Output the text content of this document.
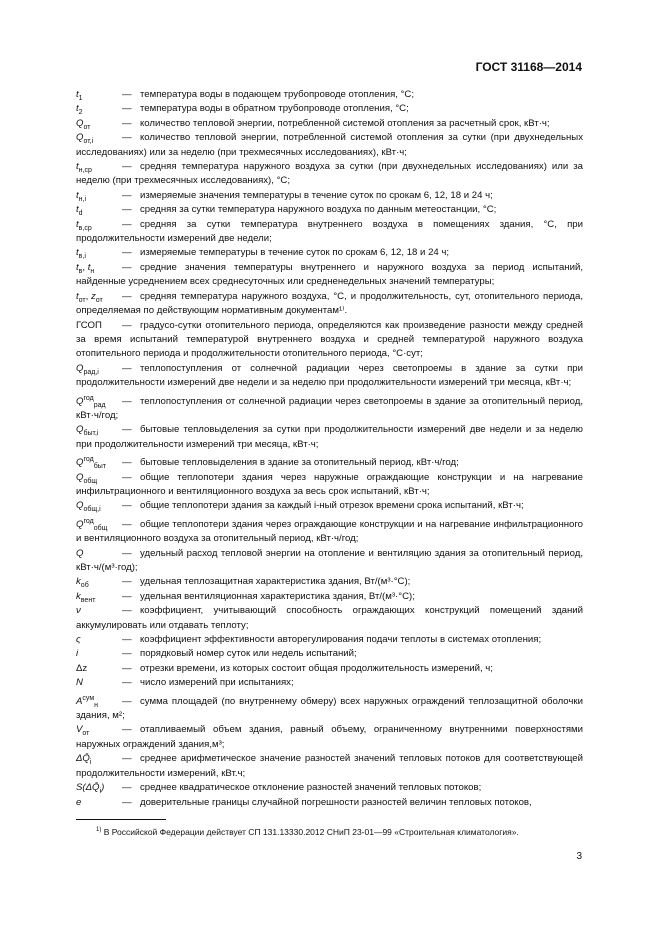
ГОСТ 31168—2014

$t_1$	— температура воды в подающем трубопроводе отопления, °С;

$t_2$	— температура воды в обратном трубопроводе отопления, °С;

$Q_{от}$	— количество тепловой энергии, потребленной системой отопления за расчетный срок, кВт·ч;

$Q_{от,i}$	— количество тепловой энергии, потребленной системой отопления за сутки (при двухнедельных исследованиях) или за неделю (при трехмесячных исследованиях), кВт·ч;

$t_{н,ср}$	— средняя температура наружного воздуха за сутки (при двухнедельных исследованиях) или за неделю (при трехмесячных исследованиях), °С;

$t_{н,i}$	— измеряемые значения температуры в течение суток по срокам 6, 12, 18 и 24 ч;

$t_d$	— средняя за сутки температура наружного воздуха по данным метеостанции, °С;

$t_{в,ср}$	— средняя за сутки температура внутреннего воздуха в помещениях здания, °С, при продолжительности измерений две недели;

$t_{в,i}$	— измеряемые температуры в течение суток по срокам 6, 12, 18 и 24 ч;

$t_в$, $t_н$	— средние значения температуры внутреннего и наружного воздуха за период испытаний, найденные усреднением всех среднесуточных или средненедельных значений температуры;

$t_{от}$, $z_{от}$ — средняя температура наружного воздуха, °С, и продолжительность, сут, отопительного периода, определяемая по действующим нормативным документам¹⁾.

ГСОП — градусо-сутки отопительного периода, определяются как произведение разности между средней за время испытаний температурой внутреннего воздуха и средней температурой наружного воздуха отопительного периода и продолжительности отопительного периода, °С·сут;

$Q_{рад,i}$ — теплопоступления от солнечной радиации через светопроемы в здание за сутки при продолжительности измерений две недели и за неделю при продолжительности измерений три месяца, кВт·ч;

$Q^{год}_{рад}$ — теплопоступления от солнечной радиации через светопроемы в здание за отопительный период, кВт·ч/год;

$Q_{быт,i}$ — бытовые тепловыделения за сутки при продолжительности измерений две недели и за неделю при продолжительности измерений три месяца, кВт·ч;

$Q^{год}_{быт}$ — бытовые тепловыделения в здание за отопительный период, кВт·ч/год;

$Q_{общ}$	— общие теплопотери здания через наружные ограждающие конструкции и на нагревание инфильтрационного и вентиляционного воздуха за весь срок испытаний, кВт·ч;

$Q_{общ,i}$ — общие теплопотери здания за каждый i-ный отрезок времени срока испытаний, кВт·ч;

$Q^{год}_{общ}$ — общие теплопотери здания через ограждающие конструкции и на нагревание инфильтрационного и вентиляционного воздуха за отопительный период, кВт·ч/год;

Q	— удельный расход тепловой энергии на отопление и вентиляцию здания за отопительный период, кВт·ч/(м³·год);

$k_{об}$	— удельная теплозащитная характеристика здания, Вт/(м³·°С);

$k_{вент}$	— удельная вентиляционная характеристика здания, Вт/(м³·°С);

ν	— коэффициент, учитывающий способность ограждающих конструкций помещений зданий аккумулировать или отдавать теплоту;

ς	— коэффициент эффективности авторегулирования подачи теплоты в системах отопления;

i	— порядковый номер суток или недель испытаний;

Δz	— отрезки времени, из которых состоит общая продолжительность измерений, ч;

N	— число измерений при испытаниях;

$A^{сум}_н$ — сумма площадей (по внутреннему обмеру) всех наружных ограждений теплозащитной оболочки здания, м²;

$V_{от}$	— отапливаемый объем здания, равный объему, ограниченному внутренними поверхностями наружных ограждений здания,м³;

$\Delta Q̄_i$	— среднее арифметическое значение разностей значений тепловых потоков для соответствующей продолжительности измерений, кВт.ч;

$S(\Delta Q̄_i)$ — среднее квадратическое отклонение разностей значений тепловых потоков;

e	— доверительные границы случайной погрешности разностей величин тепловых потоков,

$^{1)}$ В Российской Федерации действует СП 131.13330.2012 СНиП 23-01—99 «Строительная климатология».
3
